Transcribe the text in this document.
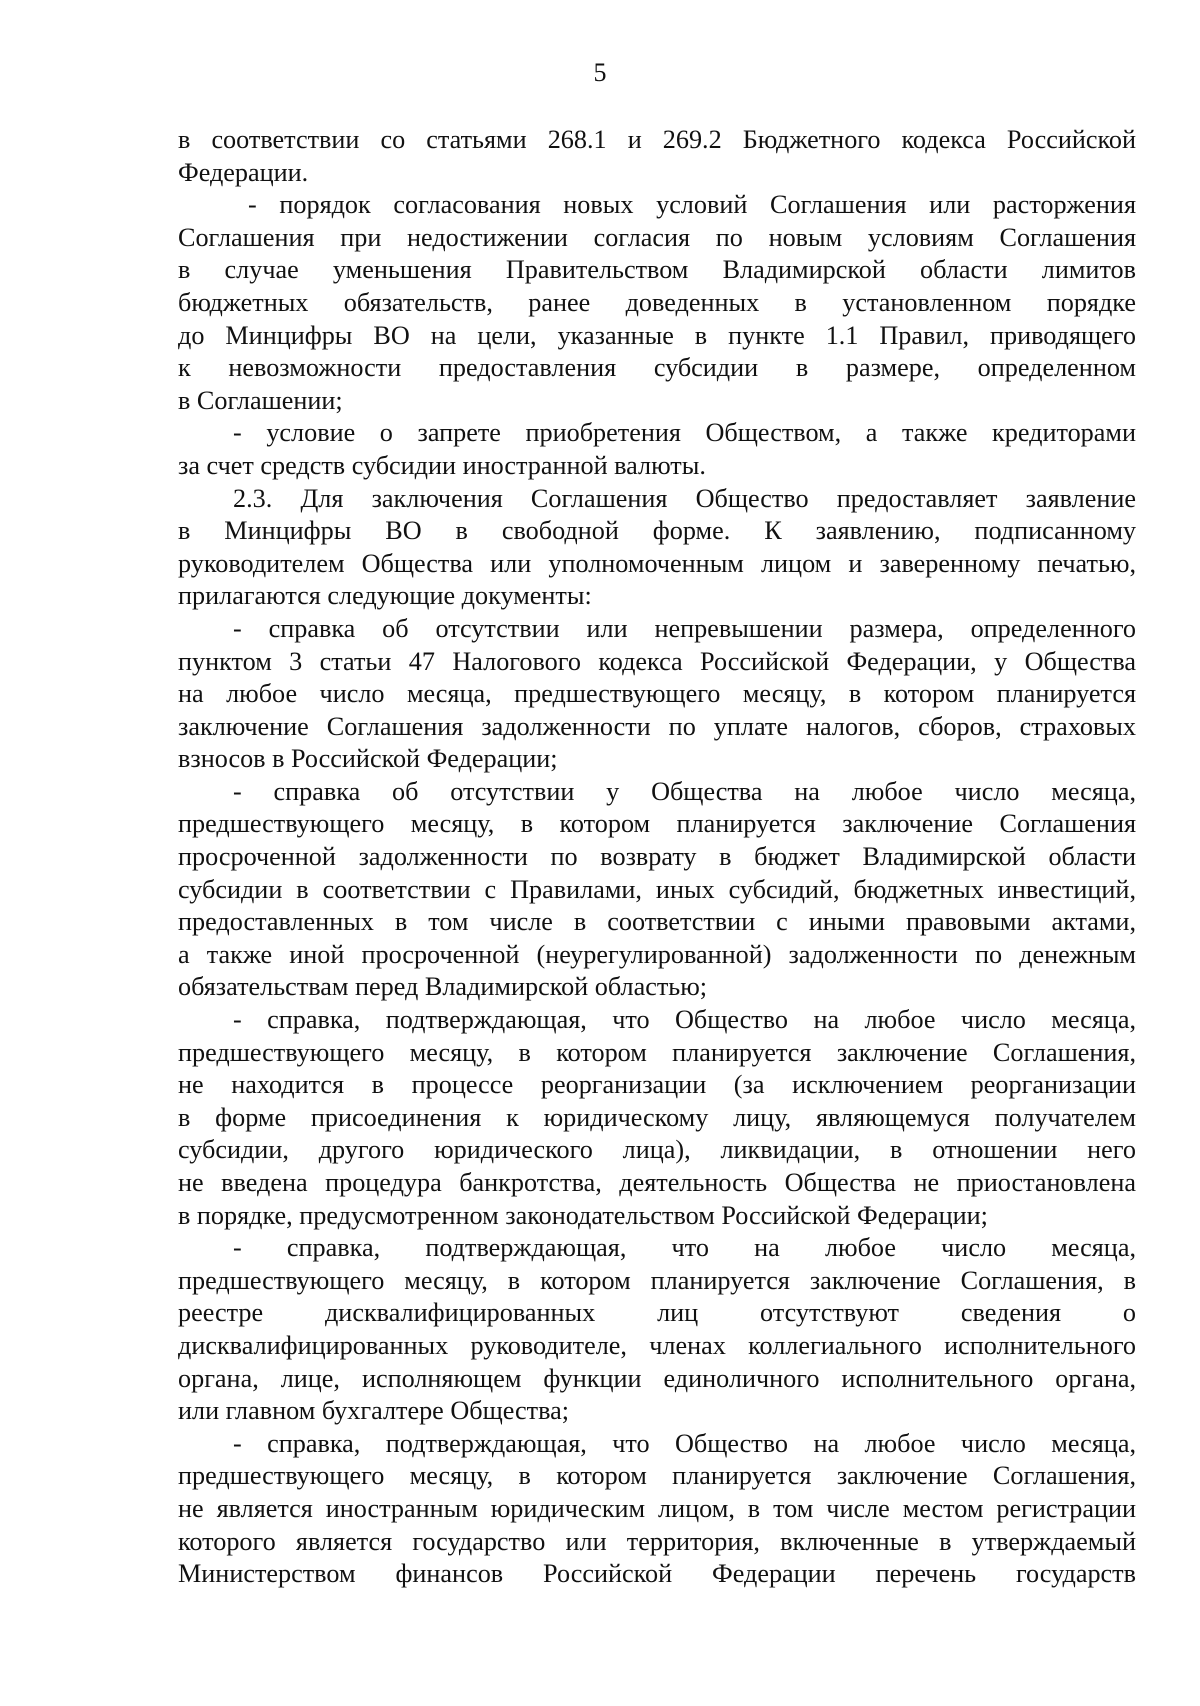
5
в соответствии со статьями 268.1 и 269.2 Бюджетного кодекса Российской
Федерации.
- порядок согласования новых условий Соглашения или расторжения
Соглашения при недостижении согласия по новым условиям Соглашения
в случае уменьшения Правительством Владимирской области лимитов
бюджетных обязательств, ранее доведенных в установленном порядке
до Минцифры ВО на цели, указанные в пункте 1.1 Правил, приводящего
к невозможности предоставления субсидии в размере, определенном
в Соглашении;
- условие о запрете приобретения Обществом, а также кредиторами
за счет средств субсидии иностранной валюты.
2.3. Для заключения Соглашения Общество предоставляет заявление
в Минцифры ВО в свободной форме. К заявлению, подписанному
руководителем Общества или уполномоченным лицом и заверенному печатью,
прилагаются следующие документы:
- справка об отсутствии или непревышении размера, определенного
пунктом 3 статьи 47 Налогового кодекса Российской Федерации, у Общества
на любое число месяца, предшествующего месяцу, в котором планируется
заключение Соглашения задолженности по уплате налогов, сборов, страховых
взносов в Российской Федерации;
- справка об отсутствии у Общества на любое число месяца,
предшествующего месяцу, в котором планируется заключение Соглашения
просроченной задолженности по возврату в бюджет Владимирской области
субсидии в соответствии с Правилами, иных субсидий, бюджетных инвестиций,
предоставленных в том числе в соответствии с иными правовыми актами,
а также иной просроченной (неурегулированной) задолженности по денежным
обязательствам перед Владимирской областью;
- справка, подтверждающая, что Общество на любое число месяца,
предшествующего месяцу, в котором планируется заключение Соглашения,
не находится в процессе реорганизации (за исключением реорганизации
в форме присоединения к юридическому лицу, являющемуся получателем
субсидии, другого юридического лица), ликвидации, в отношении него
не введена процедура банкротства, деятельность Общества не приостановлена
в порядке, предусмотренном законодательством Российской Федерации;
- справка, подтверждающая, что на любое число месяца,
предшествующего месяцу, в котором планируется заключение Соглашения, в
реестре дисквалифицированных лиц отсутствуют сведения о
дисквалифицированных руководителе, членах коллегиального исполнительного
органа, лице, исполняющем функции единоличного исполнительного органа,
или главном бухгалтере Общества;
- справка, подтверждающая, что Общество на любое число месяца,
предшествующего месяцу, в котором планируется заключение Соглашения,
не является иностранным юридическим лицом, в том числе местом регистрации
которого является государство или территория, включенные в утверждаемый
Министерством финансов Российской Федерации перечень государств
